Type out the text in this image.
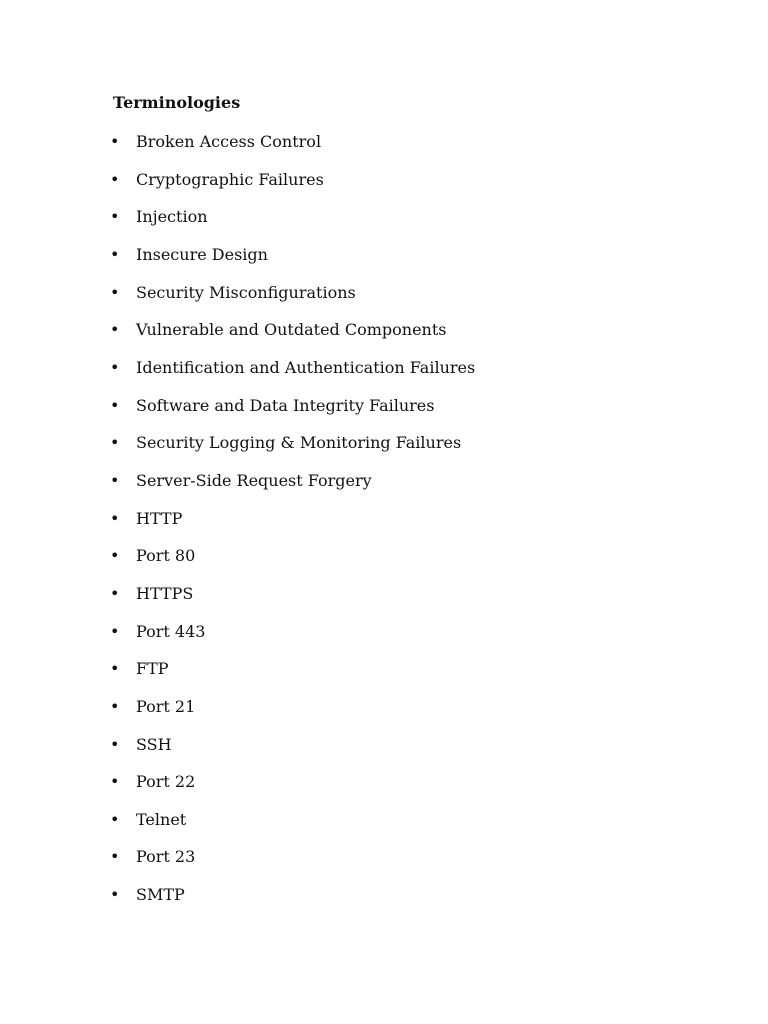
Terminologies
• Broken Access Control
• Cryptographic Failures
• Injection
• Insecure Design
• Security Misconfigurations
• Vulnerable and Outdated Components
• Identification and Authentication Failures
• Software and Data Integrity Failures
• Security Logging & Monitoring Failures
• Server-Side Request Forgery
• HTTP
• Port 80
• HTTPS
• Port 443
• FTP
• Port 21
• SSH
• Port 22
• Telnet
• Port 23
• SMTP
